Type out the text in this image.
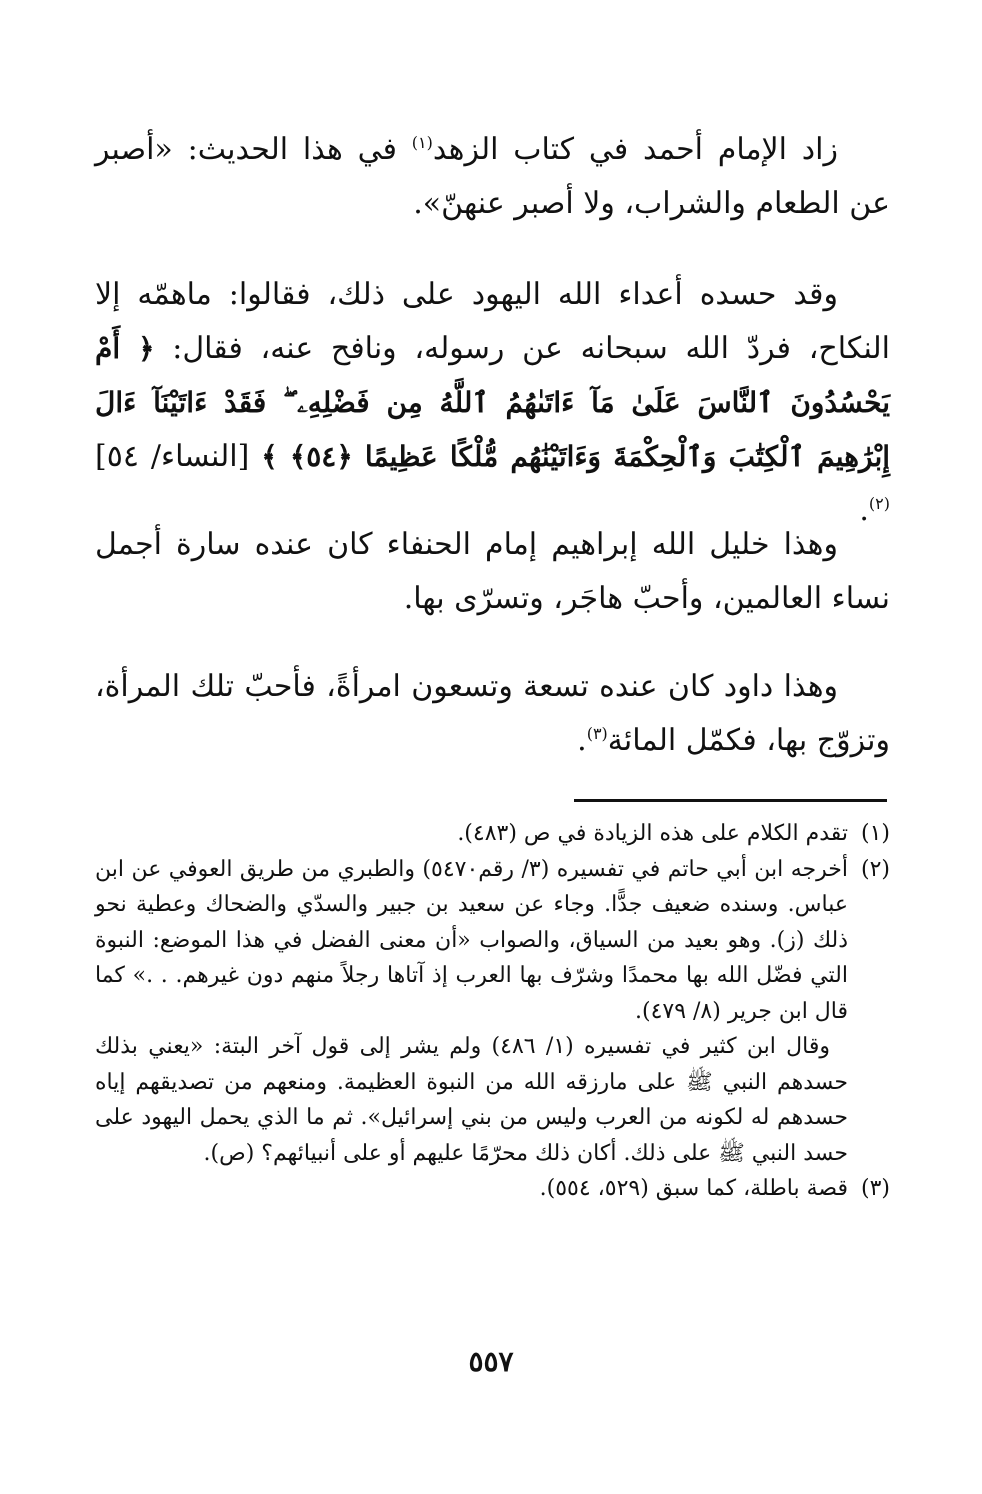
زاد الإمام أحمد في كتاب الزهد$^{(١)}$ في هذا الحديث: «أصبر عن الطعام والشراب، ولا أصبر عنهنّ».

وقد حسده أعداء الله اليهود على ذلك، فقالوا: ماهمّه إلا النكاح، فردّ الله سبحانه عن رسوله، ونافح عنه، فقال: ﴿ أَمْ يَحْسُدُونَ ٱلنَّاسَ عَلَىٰ مَآ ءَاتَىٰهُمُ ٱللَّهُ مِن فَضْلِهِۦ ۖ فَقَدْ ءَاتَيْنَآ ءَالَ إِبْرَٰهِيمَ ٱلْكِتَٰبَ وَٱلْحِكْمَةَ وَءَاتَيْنَٰهُم مُّلْكًا عَظِيمًا ﴿٥٤﴾ ﴾ [النساء/ ٥٤]$^{(٢)}$.

وهذا خليل الله إبراهيم إمام الحنفاء كان عنده سارة أجمل نساء العالمين، وأحبّ هاجَر، وتسرّى بها.

وهذا داود كان عنده تسعة وتسعون امرأةً، فأحبّ تلك المرأة، وتزوّج بها، فكمّل المائة$^{(٣)}$.

(١)
تقدم الكلام على هذه الزيادة في ص (٤٨٣).
(٢)
أخرجه ابن أبي حاتم في تفسيره (٣/ رقم٥٤٧٠) والطبري من طريق العوفي عن ابن عباس. وسنده ضعيف جدًّا. وجاء عن سعيد بن جبير والسدّي والضحاك وعطية نحو ذلك (ز). وهو بعيد من السياق، والصواب «أن معنى الفضل في هذا الموضع: النبوة التي فضّل الله بها محمدًا وشرّف بها العرب إذ آتاها رجلاً منهم دون غيرهم. . .» كما قال ابن جرير (٨/ ٤٧٩).

وقال ابن كثير في تفسيره (١/ ٤٨٦) ولم يشر إلى قول آخر البتة: «يعني بذلك حسدهم النبي ﷺ على مارزقه الله من النبوة العظيمة. ومنعهم من تصديقهم إياه حسدهم له لكونه من العرب وليس من بني إسرائيل». ثم ما الذي يحمل اليهود على حسد النبي ﷺ على ذلك. أكان ذلك محرّمًا عليهم أو على أنبيائهم؟ (ص).

(٣)
قصة باطلة، كما سبق (٥٢٩، ٥٥٤).
٥٥٧
